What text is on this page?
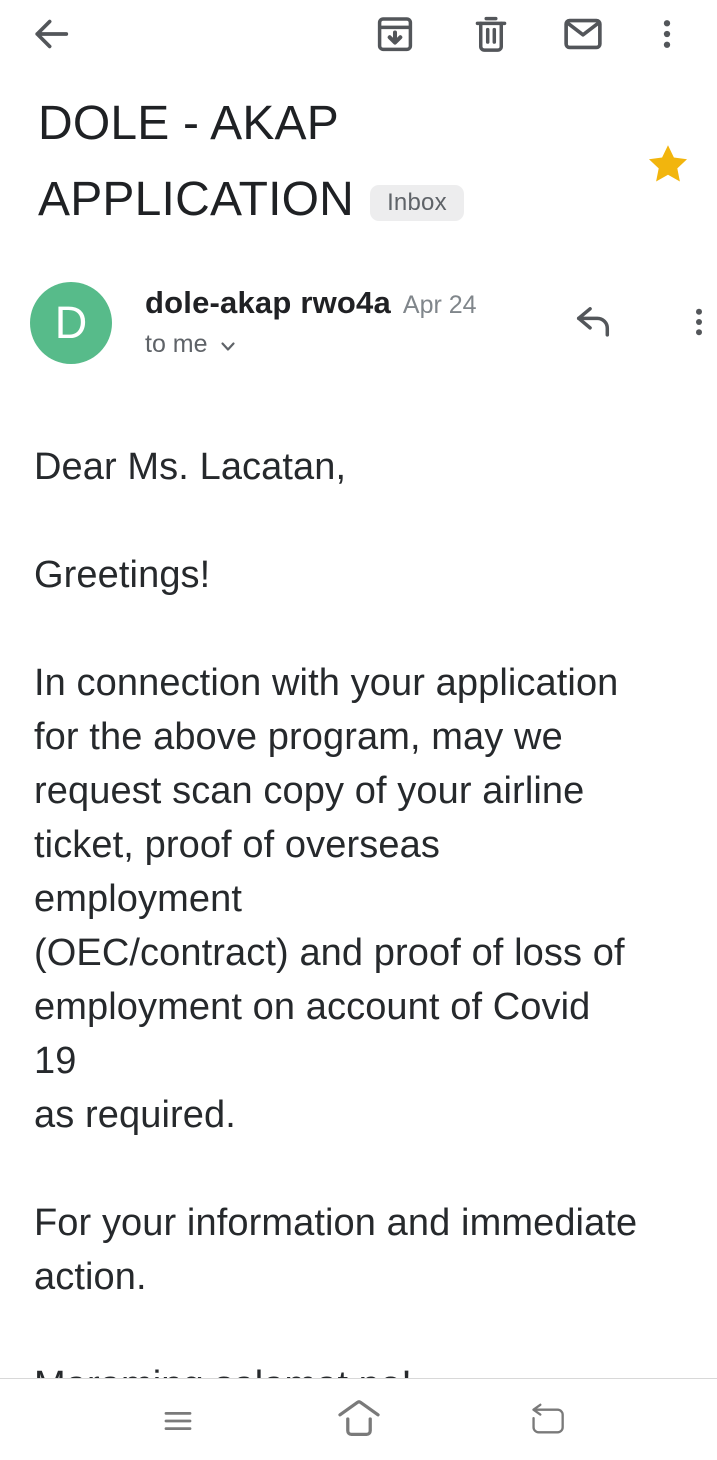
DOLE - AKAP APPLICATION Inbox
D dole-akap rwo4a Apr 24
to me
Dear Ms. Lacatan,
Greetings!
In connection with your application
for the above program, may we
request scan copy of your airline
ticket, proof of overseas
employment
(OEC/contract) and proof of loss of
employment on account of Covid
19
as required.
For your information and immediate
action.
